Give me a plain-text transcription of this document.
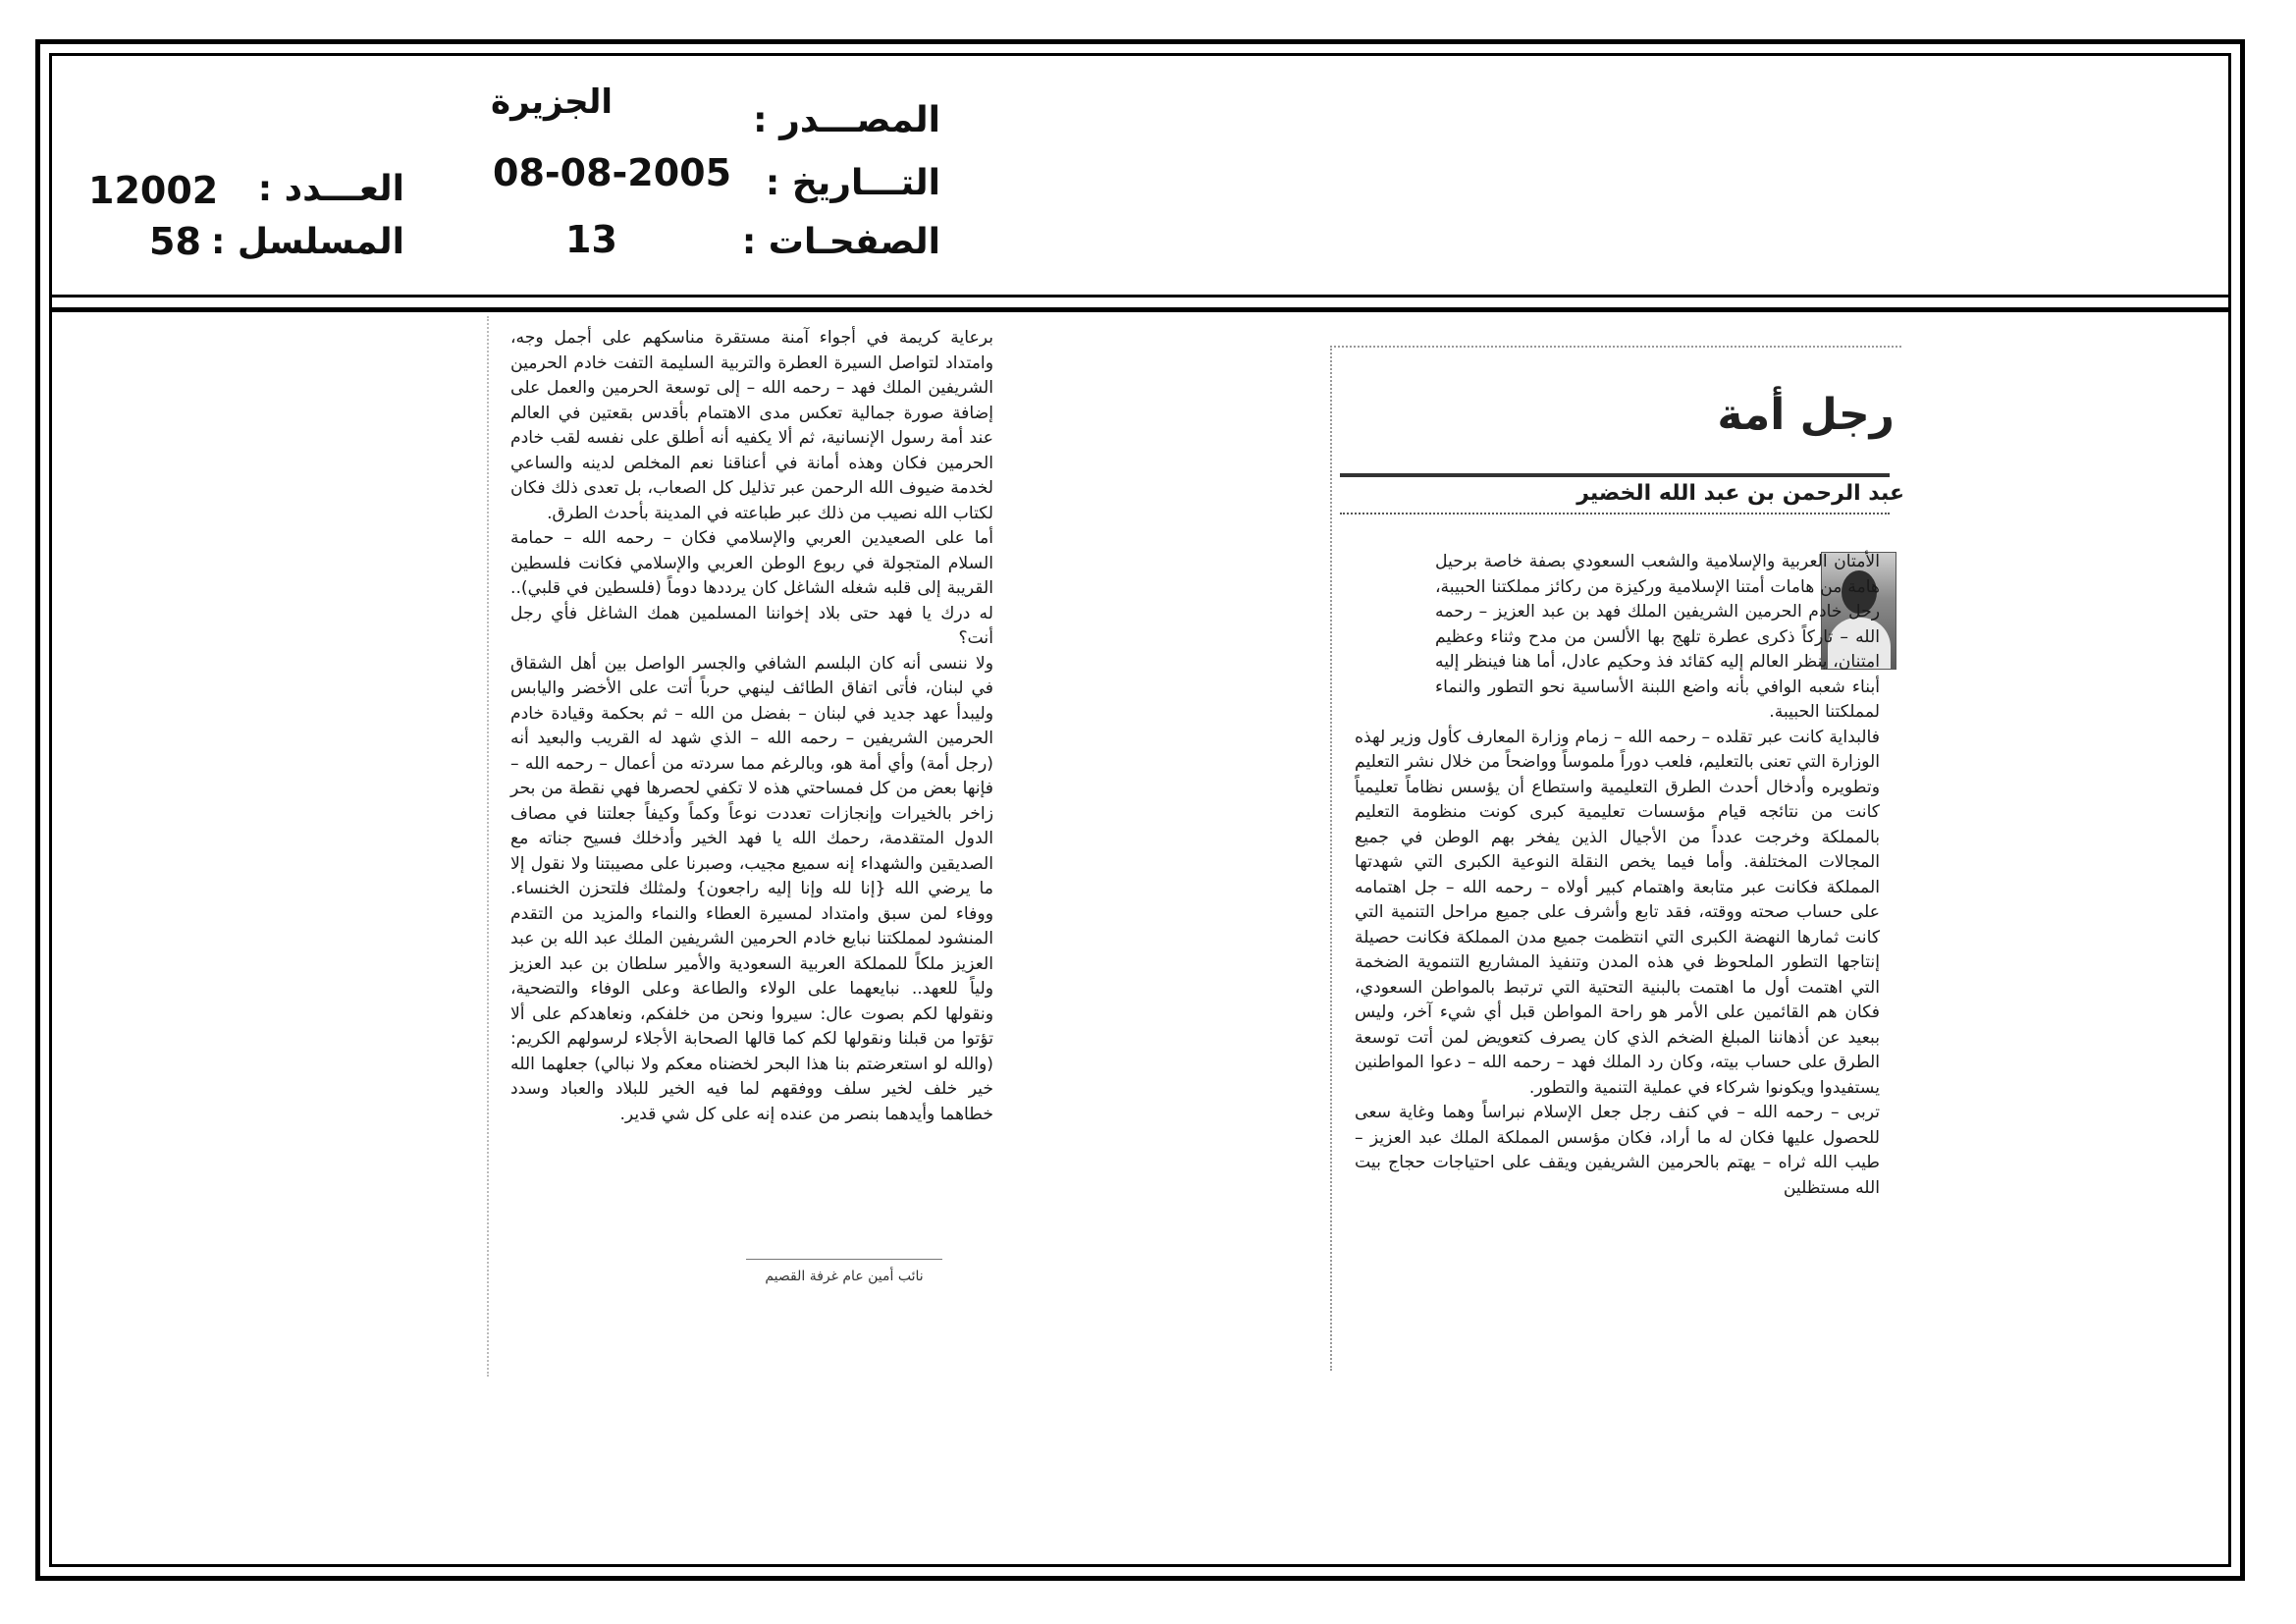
المصـــدر :
الجزيرة
التـــاريخ :
08-08-2005
الصفحـات :
13
العـــدد :
12002
المسلسل :
58

برعاية كريمة في أجواء آمنة مستقرة مناسكهم على أجمل وجه، وامتداد لتواصل السيرة العطرة والتربية السليمة التفت خادم الحرمين الشريفين الملك فهد – رحمه الله – إلى توسعة الحرمين والعمل على إضافة صورة جمالية تعكس مدى الاهتمام بأقدس بقعتين في العالم عند أمة رسول الإنسانية، ثم ألا يكفيه أنه أطلق على نفسه لقب خادم الحرمين فكان وهذه أمانة في أعناقنا نعم المخلص لدينه والساعي لخدمة ضيوف الله الرحمن عبر تذليل كل الصعاب، بل تعدى ذلك فكان لكتاب الله نصيب من ذلك عبر طباعته في المدينة بأحدث الطرق.

أما على الصعيدين العربي والإسلامي فكان – رحمه الله – حمامة السلام المتجولة في ربوع الوطن العربي والإسلامي فكانت فلسطين القريبة إلى قلبه شغله الشاغل كان يرددها دوماً (فلسطين في قلبي).. له درك يا فهد حتى بلاد إخواننا المسلمين همك الشاغل فأي رجل أنت؟

ولا ننسى أنه كان البلسم الشافي والجسر الواصل بين أهل الشقاق في لبنان، فأتى اتفاق الطائف لينهي حرباً أتت على الأخضر واليابس وليبدأ عهد جديد في لبنان – بفضل من الله – ثم بحكمة وقيادة خادم الحرمين الشريفين – رحمه الله – الذي شهد له القريب والبعيد أنه (رجل أمة) وأي أمة هو، وبالرغم مما سردته من أعمال – رحمه الله – فإنها بعض من كل فمساحتي هذه لا تكفي لحصرها فهي نقطة من بحر زاخر بالخيرات وإنجازات تعددت نوعاً وكماً وكيفاً جعلتنا في مصاف الدول المتقدمة، رحمك الله يا فهد الخير وأدخلك فسيح جناته مع الصديقين والشهداء إنه سميع مجيب، وصبرنا على مصيبتنا ولا نقول إلا ما يرضي الله {إنا لله وإنا إليه راجعون} ولمثلك فلتحزن الخنساء. ووفاء لمن سبق وامتداد لمسيرة العطاء والنماء والمزيد من التقدم المنشود لمملكتنا نبايع خادم الحرمين الشريفين الملك عبد الله بن عبد العزيز ملكاً للمملكة العربية السعودية والأمير سلطان بن عبد العزيز ولياً للعهد.. نبايعهما على الولاء والطاعة وعلى الوفاء والتضحية، ونقولها لكم بصوت عال: سيروا ونحن من خلفكم، ونعاهدكم على ألا تؤتوا من قبلنا ونقولها لكم كما قالها الصحابة الأجلاء لرسولهم الكريم: (والله لو استعرضتم بنا هذا البحر لخضناه معكم ولا نبالي) جعلهما الله خير خلف لخير سلف ووفقهم لما فيه الخير للبلاد والعباد وسدد خطاهما وأيدهما بنصر من عنده إنه على كل شي قدير.

نائب أمين عام غرفة القصيم
رجل أمة
عبد الرحمن بن عبد الله الخضير

الأمتان العربية والإسلامية والشعب السعودي بصفة خاصة برحيل هامة من هامات أمتنا الإسلامية وركيزة من ركائز مملكتنا الحبيبة، رحل خادم الحرمين الشريفين الملك فهد بن عبد العزيز – رحمه الله – تاركاً ذكرى عطرة تلهج بها الألسن من مدح وثناء وعظيم امتنان، ينظر العالم إليه كقائد فذ وحكيم عادل، أما هنا فينظر إليه أبناء شعبه الوافي بأنه واضع اللبنة الأساسية نحو التطور والنماء لمملكتنا الحبيبة.

فالبداية كانت عبر تقلده – رحمه الله – زمام وزارة المعارف كأول وزير لهذه الوزارة التي تعنى بالتعليم، فلعب دوراً ملموساً وواضحاً من خلال نشر التعليم وتطويره وأدخال أحدث الطرق التعليمية واستطاع أن يؤسس نظاماً تعليمياً كانت من نتائجه قيام مؤسسات تعليمية كبرى كونت منظومة التعليم بالمملكة وخرجت عدداً من الأجيال الذين يفخر بهم الوطن في جميع المجالات المختلفة. وأما فيما يخص النقلة النوعية الكبرى التي شهدتها المملكة فكانت عبر متابعة واهتمام كبير أولاه – رحمه الله – جل اهتمامه على حساب صحته ووقته، فقد تابع وأشرف على جميع مراحل التنمية التي كانت ثمارها النهضة الكبرى التي انتظمت جميع مدن المملكة فكانت حصيلة إنتاجها التطور الملحوظ في هذه المدن وتنفيذ المشاريع التنموية الضخمة التي اهتمت أول ما اهتمت بالبنية التحتية التي ترتبط بالمواطن السعودي، فكان هم القائمين على الأمر هو راحة المواطن قبل أي شيء آخر، وليس ببعيد عن أذهاننا المبلغ الضخم الذي كان يصرف كتعويض لمن أتت توسعة الطرق على حساب بيته، وكان رد الملك فهد – رحمه الله – دعوا المواطنين يستفيدوا ويكونوا شركاء في عملية التنمية والتطور.

تربى – رحمه الله – في كنف رجل جعل الإسلام نبراساً وهما وغاية سعى للحصول عليها فكان له ما أراد، فكان مؤسس المملكة الملك عبد العزيز – طيب الله ثراه – يهتم بالحرمين الشريفين ويقف على احتياجات حجاج بيت الله مستظلين
